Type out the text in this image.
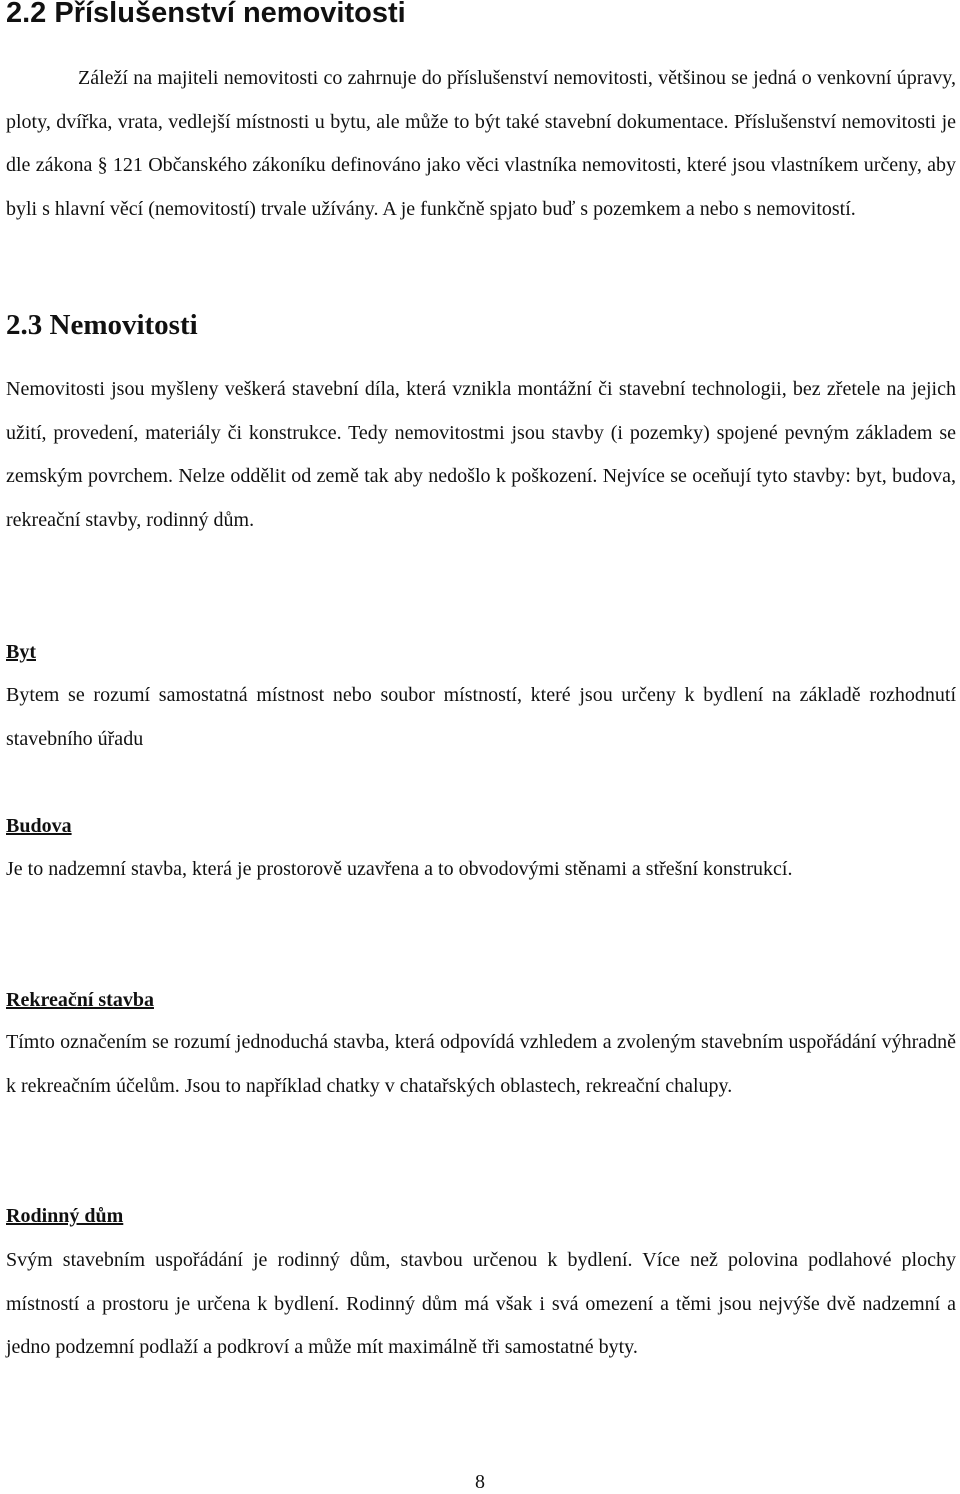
2.2 Příslušenství nemovitosti

Záleží na majiteli nemovitosti co zahrnuje do příslušenství nemovitosti, většinou se jedná o venkovní úpravy, ploty, dvířka, vrata, vedlejší místnosti u bytu, ale může to být také stavební dokumentace. Příslušenství nemovitosti je dle zákona § 121 Občanského zákoníku definováno jako věci vlastníka nemovitosti, které jsou vlastníkem určeny, aby byli s hlavní věcí (nemovitostí) trvale užívány. A je funkčně spjato buď s pozemkem a nebo s nemovitostí.

2.3 Nemovitosti

Nemovitosti jsou myšleny veškerá stavební díla, která vznikla montážní či stavební technologii, bez zřetele na jejich užití, provedení, materiály či konstrukce. Tedy nemovitostmi jsou stavby (i pozemky) spojené pevným základem se zemským povrchem. Nelze oddělit od země tak aby nedošlo k poškození. Nejvíce se oceňují tyto stavby: byt, budova, rekreační stavby, rodinný dům.

Byt

Bytem se rozumí samostatná místnost nebo soubor místností, které jsou určeny k bydlení na základě rozhodnutí stavebního úřadu

Budova

Je to nadzemní stavba, která je prostorově uzavřena a to obvodovými stěnami a střešní konstrukcí.

Rekreační stavba

Tímto označením se rozumí jednoduchá stavba, která odpovídá vzhledem a zvoleným stavebním uspořádání výhradně k rekreačním účelům. Jsou to například chatky v chatařských oblastech, rekreační chalupy.

Rodinný dům

Svým stavebním uspořádání je rodinný dům, stavbou určenou k bydlení. Více než polovina podlahové plochy místností a prostoru je určena k bydlení. Rodinný dům má však i svá omezení a těmi jsou nejvýše dvě nadzemní a jedno podzemní podlaží a podkroví a může mít maximálně tři samostatné byty.

8
